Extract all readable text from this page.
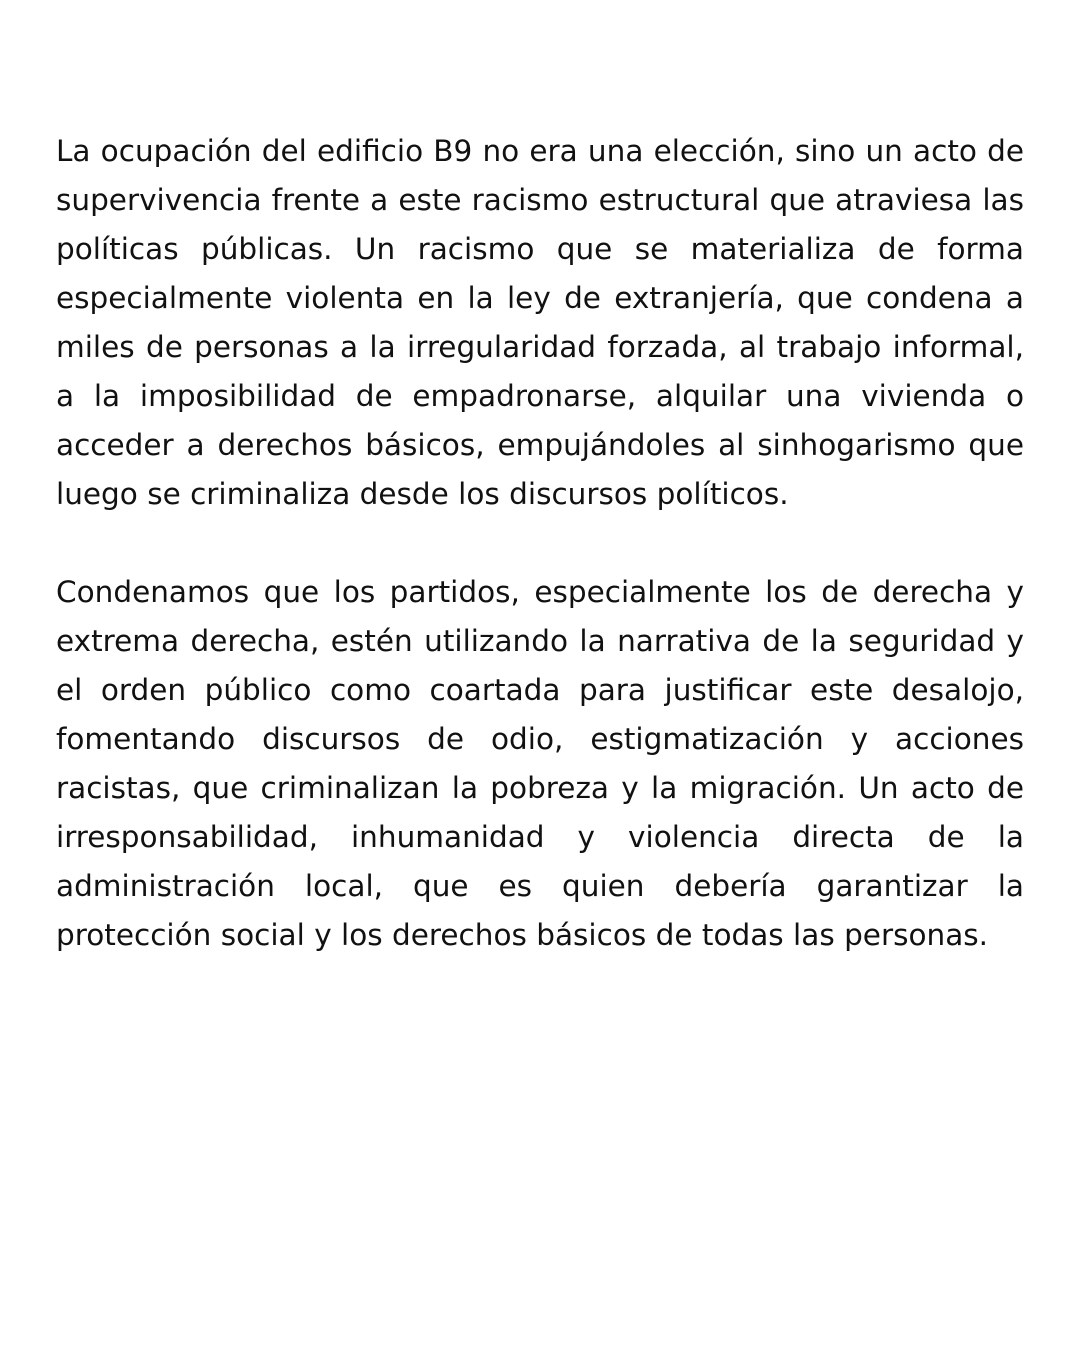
La ocupación del edificio B9 no era una elección, sino un acto de supervivencia frente a este racismo estructural que atraviesa las políticas públicas. Un racismo que se materializa de forma especialmente violenta en la ley de extranjería, que condena a miles de personas a la irregularidad forzada, al trabajo informal, a la imposibilidad de empadronarse, alquilar una vivienda o acceder a derechos básicos, empujándoles al sinhogarismo que luego se criminaliza desde los discursos políticos.

Condenamos que los partidos, especialmente los de derecha y extrema derecha, estén utilizando la narrativa de la seguridad y el orden público como coartada para justificar este desalojo, fomentando discursos de odio, estigmatización y acciones racistas, que criminalizan la pobreza y la migración. Un acto de irresponsabilidad, inhumanidad y violencia directa de la administración local, que es quien debería garantizar la protección social y los derechos básicos de todas las personas.
